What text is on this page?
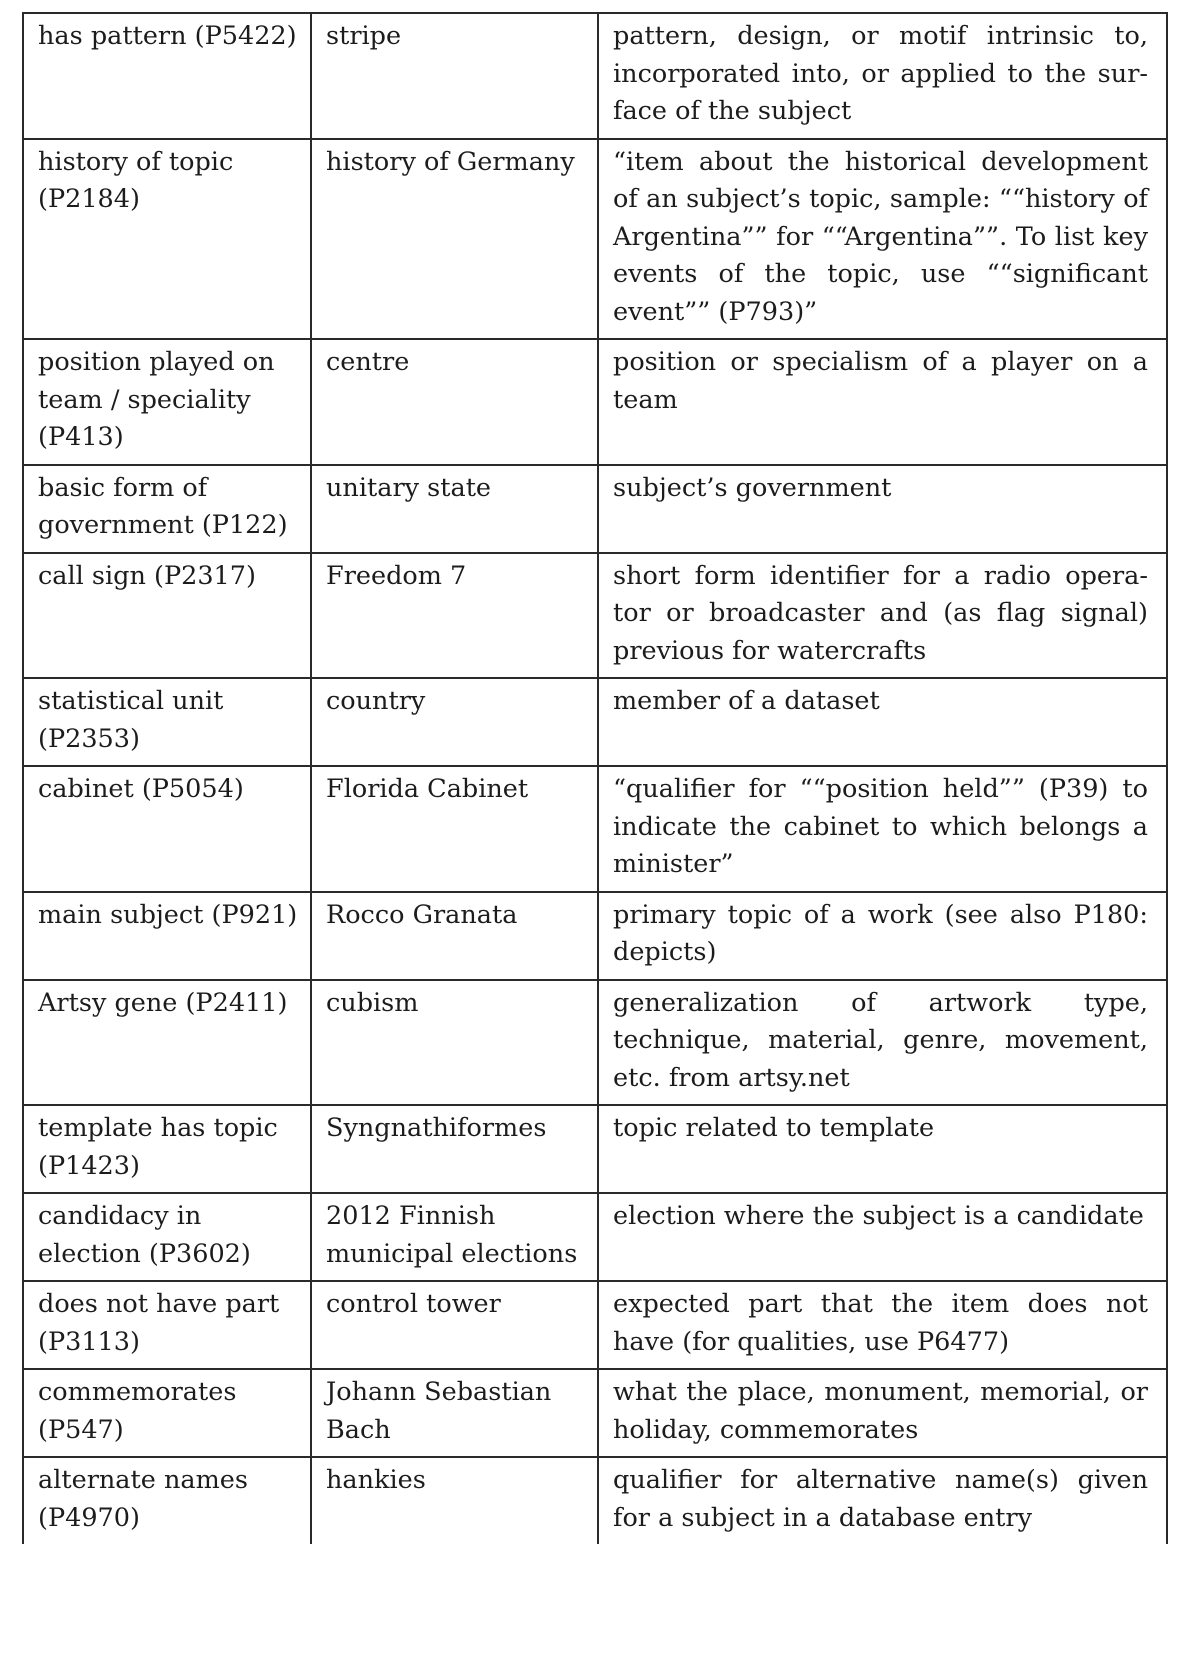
has pattern (P5422)	stripe	pattern, design, or motif intrinsic to, incorporated into, or applied to the sur-face of the subject
history of topic (P2184)	history of Germany	“item about the historical development of an subject’s topic, sample: ““history of Argentina”” for ““Argentina””. To list key events of the topic, use ““significant event”” (P793)”
position played on team / speciality (P413)	centre	position or specialism of a player on a team
basic form of government (P122)	unitary state	subject’s government
call sign (P2317)	Freedom 7	short form identifier for a radio opera-tor or broadcaster and (as flag signal) previous for watercrafts
statistical unit (P2353)	country	member of a dataset
cabinet (P5054)	Florida Cabinet	“qualifier for ““position held”” (P39) to indicate the cabinet to which belongs a minister”
main subject (P921)	Rocco Granata	primary topic of a work (see also P180: depicts)
Artsy gene (P2411)	cubism	generalization of artwork type, technique, material, genre, movement, etc. from artsy.net
template has topic (P1423)	Syngnathiformes	topic related to template
candidacy in election (P3602)	2012 Finnish municipal elections	election where the subject is a candidate
does not have part (P3113)	control tower	expected part that the item does not have (for qualities, use P6477)
commemorates (P547)	Johann Sebastian Bach	what the place, monument, memorial, or holiday, commemorates
alternate names (P4970)	hankies	qualifier for alternative name(s) given for a subject in a database entry
